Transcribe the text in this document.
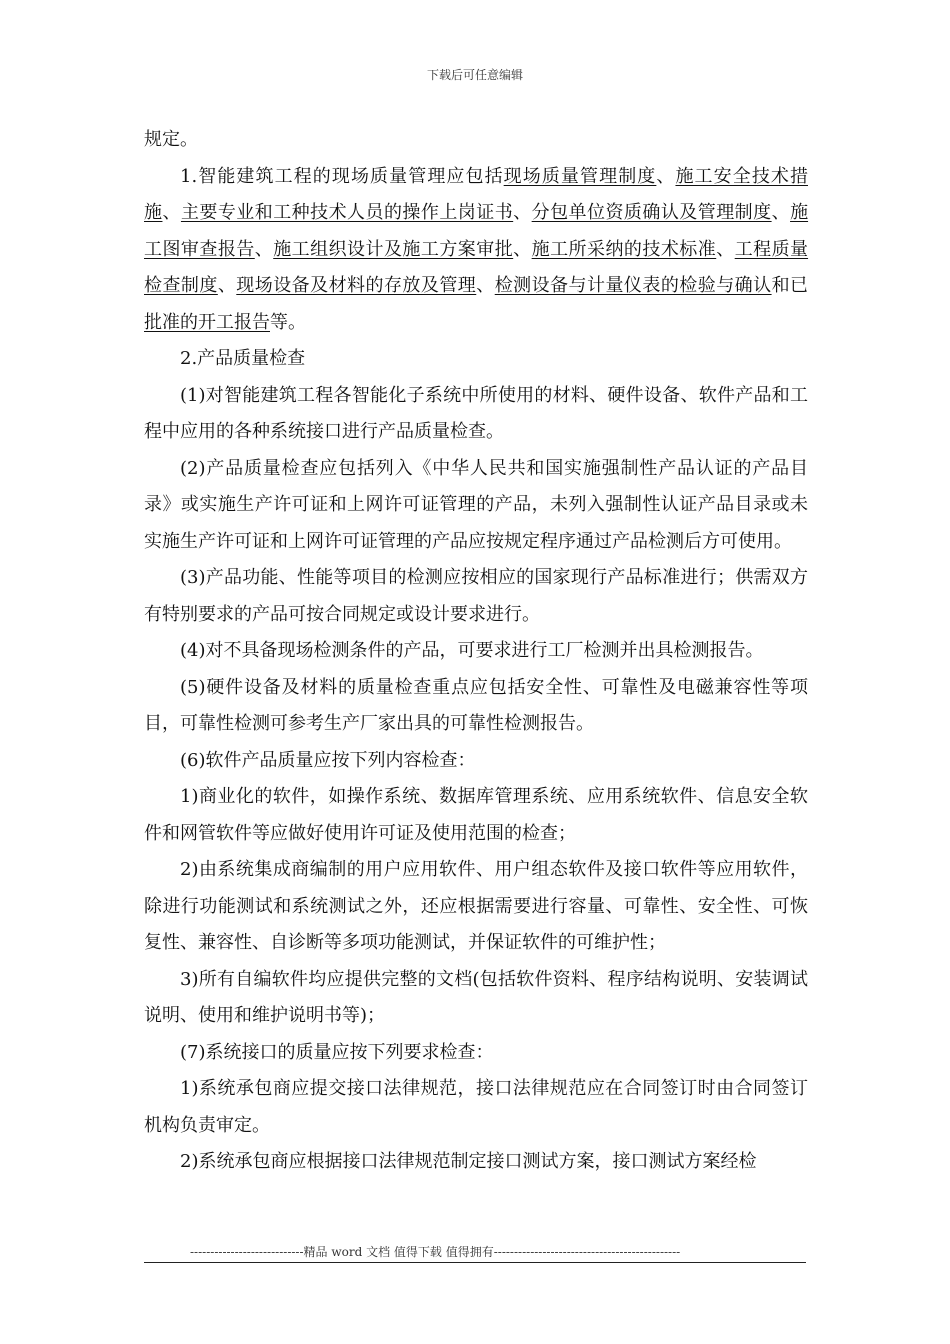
下载后可任意编辑

规定。

1.智能建筑工程的现场质量管理应包括现场质量管理制度、施工安全技术措施、主要专业和工种技术人员的操作上岗证书、分包单位资质确认及管理制度、施工图审查报告、施工组织设计及施工方案审批、施工所采纳的技术标准、工程质量检查制度、现场设备及材料的存放及管理、检测设备与计量仪表的检验与确认和已批准的开工报告等。

2.产品质量检查

(1)对智能建筑工程各智能化子系统中所使用的材料、硬件设备、软件产品和工程中应用的各种系统接口进行产品质量检查。

(2)产品质量检查应包括列入《中华人民共和国实施强制性产品认证的产品目录》或实施生产许可证和上网许可证管理的产品，未列入强制性认证产品目录或未实施生产许可证和上网许可证管理的产品应按规定程序通过产品检测后方可使用。

(3)产品功能、性能等项目的检测应按相应的国家现行产品标准进行；供需双方有特别要求的产品可按合同规定或设计要求进行。

(4)对不具备现场检测条件的产品，可要求进行工厂检测并出具检测报告。

(5)硬件设备及材料的质量检查重点应包括安全性、可靠性及电磁兼容性等项目，可靠性检测可参考生产厂家出具的可靠性检测报告。

(6)软件产品质量应按下列内容检查：

1)商业化的软件，如操作系统、数据库管理系统、应用系统软件、信息安全软件和网管软件等应做好使用许可证及使用范围的检查；

2)由系统集成商编制的用户应用软件、用户组态软件及接口软件等应用软件，除进行功能测试和系统测试之外，还应根据需要进行容量、可靠性、安全性、可恢复性、兼容性、自诊断等多项功能测试，并保证软件的可维护性；

3)所有自编软件均应提供完整的文档(包括软件资料、程序结构说明、安装调试说明、使用和维护说明书等)；

(7)系统接口的质量应按下列要求检查：

1)系统承包商应提交接口法律规范，接口法律规范应在合同签订时由合同签订机构负责审定。

2)系统承包商应根据接口法律规范制定接口测试方案，接口测试方案经检

----------------------------精品 word 文档 值得下载 值得拥有----------------------------------------------
